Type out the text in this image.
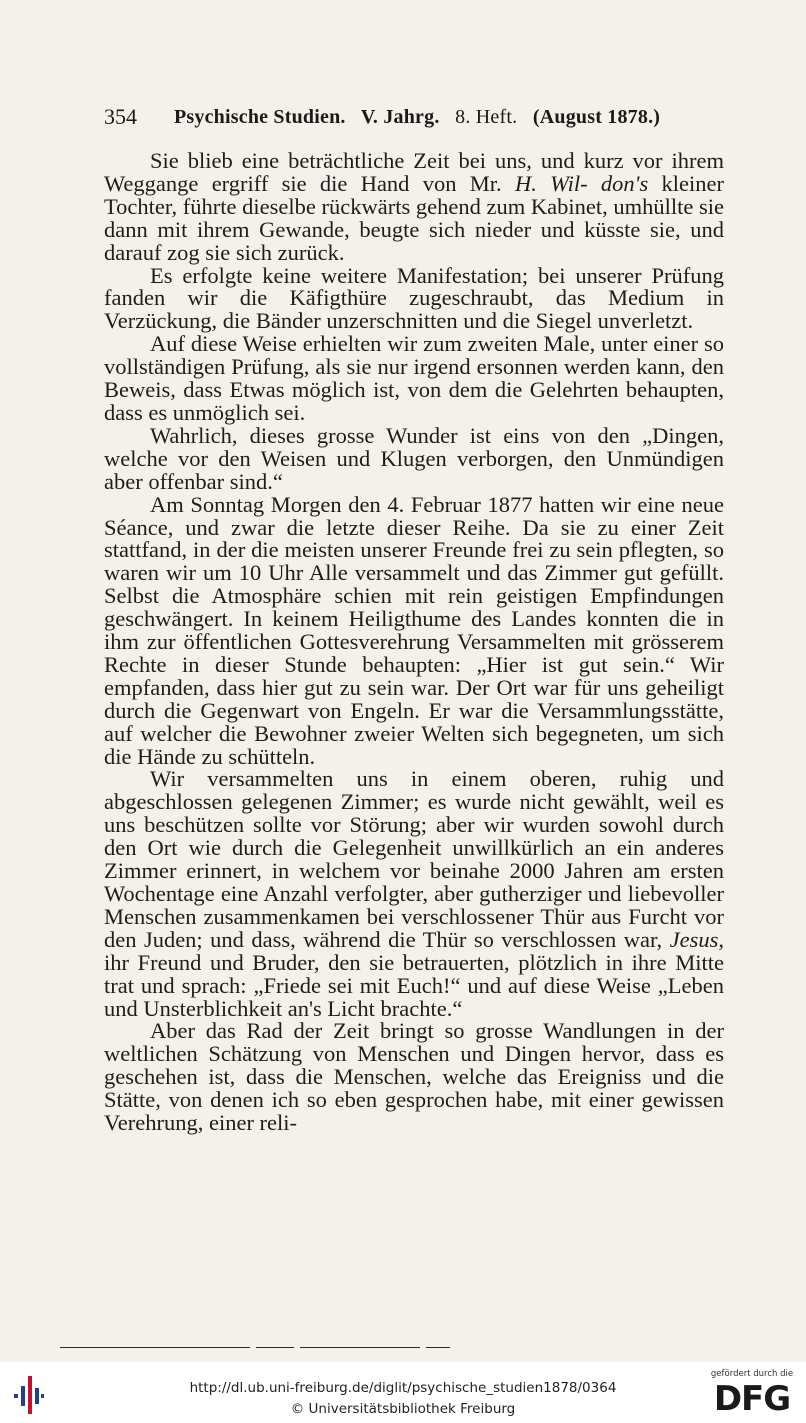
354 Psychische Studien. V. Jahrg. 8. Heft. (August 1878.)

Sie blieb eine beträchtliche Zeit bei uns, und kurz vor ihrem Weggange ergriff sie die Hand von Mr. H. Wil- don's kleiner Tochter, führte dieselbe rückwärts gehend zum Kabinet, umhüllte sie dann mit ihrem Gewande, beugte sich nieder und küsste sie, und darauf zog sie sich zurück.

Es erfolgte keine weitere Manifestation; bei unserer Prüfung fanden wir die Käfigthüre zugeschraubt, das Medium in Verzückung, die Bänder unzerschnitten und die Siegel unverletzt.

Auf diese Weise erhielten wir zum zweiten Male, unter einer so vollständigen Prüfung, als sie nur irgend ersonnen werden kann, den Beweis, dass Etwas möglich ist, von dem die Gelehrten behaupten, dass es unmöglich sei.

Wahrlich, dieses grosse Wunder ist eins von den „Dingen, welche vor den Weisen und Klugen verborgen, den Unmündigen aber offenbar sind.“

Am Sonntag Morgen den 4. Februar 1877 hatten wir eine neue Séance, und zwar die letzte dieser Reihe. Da sie zu einer Zeit stattfand, in der die meisten unserer Freunde frei zu sein pflegten, so waren wir um 10 Uhr Alle versammelt und das Zimmer gut gefüllt. Selbst die Atmosphäre schien mit rein geistigen Empfindungen geschwängert. In keinem Heiligthume des Landes konnten die in ihm zur öffentlichen Gottesverehrung Versammelten mit grösserem Rechte in dieser Stunde behaupten: „Hier ist gut sein.“ Wir empfanden, dass hier gut zu sein war. Der Ort war für uns geheiligt durch die Gegenwart von Engeln. Er war die Versammlungsstätte, auf welcher die Bewohner zweier Welten sich begegneten, um sich die Hände zu schütteln.

Wir versammelten uns in einem oberen, ruhig und abgeschlossen gelegenen Zimmer; es wurde nicht gewählt, weil es uns beschützen sollte vor Störung; aber wir wurden sowohl durch den Ort wie durch die Gelegenheit unwillkürlich an ein anderes Zimmer erinnert, in welchem vor beinahe 2000 Jahren am ersten Wochentage eine Anzahl verfolgter, aber gutherziger und liebevoller Menschen zusammenkamen bei verschlossener Thür aus Furcht vor den Juden; und dass, während die Thür so verschlossen war, Jesus, ihr Freund und Bruder, den sie betrauerten, plötzlich in ihre Mitte trat und sprach: „Friede sei mit Euch!“ und auf diese Weise „Leben und Unsterblichkeit an's Licht brachte.“

Aber das Rad der Zeit bringt so grosse Wandlungen in der weltlichen Schätzung von Menschen und Dingen hervor, dass es geschehen ist, dass die Menschen, welche das Ereigniss und die Stätte, von denen ich so eben gesprochen habe, mit einer gewissen Verehrung, einer reli-

http://dl.ub.uni-freiburg.de/diglit/psychische_studien1878/0364
© Universitätsbibliothek Freiburg
gefördert durch die
DFG
